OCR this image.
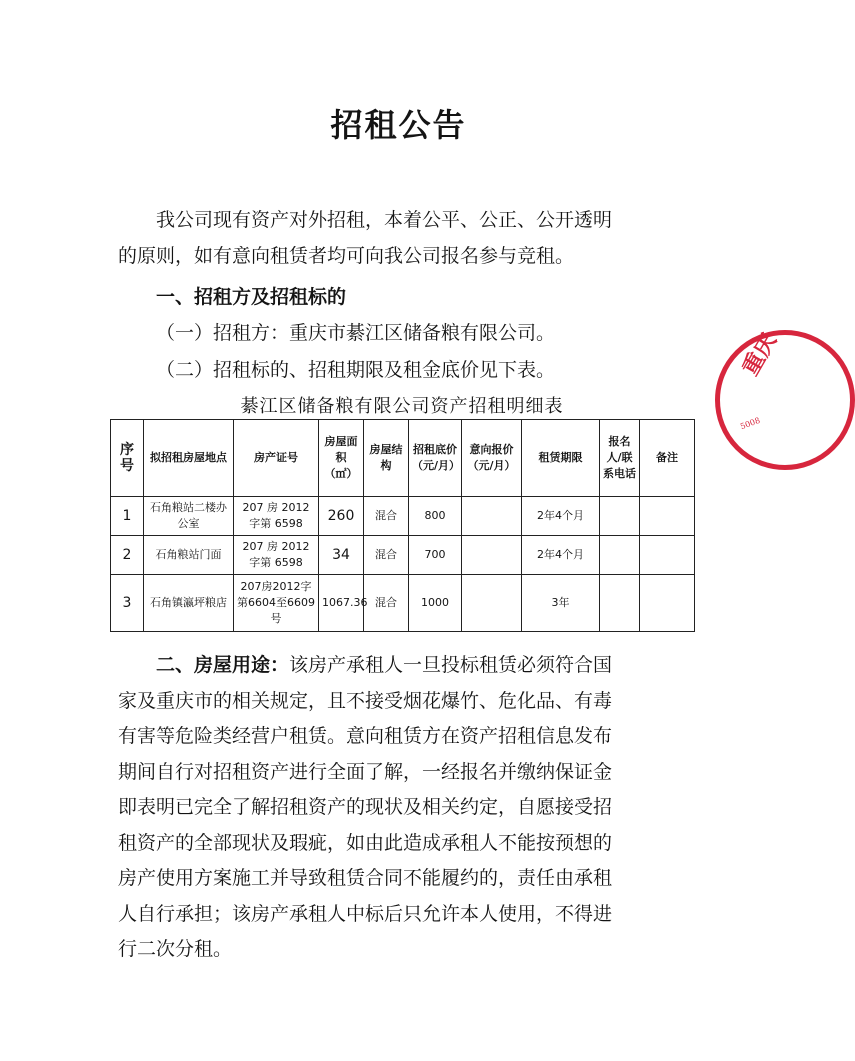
招租公告
我公司现有资产对外招租，本着公平、公正、公开透明
的原则，如有意向租赁者均可向我公司报名参与竞租。
一、招租方及招租标的
（一）招租方：重庆市綦江区储备粮有限公司。
（二）招租标的、招租期限及租金底价见下表。
綦江区储备粮有限公司资产招租明细表
序号	拟招租房屋地点	房产证号	房屋面积（㎡）	房屋结构	招租底价（元/月）	意向报价（元/月）	租赁期限	报名人/联系电话	备注
1	石角粮站二楼办公室	207 房 2012 字第 6598	260	混合	800		2年4个月		
2	石角粮站门面	207 房 2012 字第 6598	34	混合	700		2年4个月		
3	石角镇瀛坪粮店	207房2012字第6604至6609号	1067.36	混合	1000		3年		
二、房屋用途：该房产承租人一旦投标租赁必须符合国
家及重庆市的相关规定，且不接受烟花爆竹、危化品、有毒
有害等危险类经营户租赁。意向租赁方在资产招租信息发布
期间自行对招租资产进行全面了解，一经报名并缴纳保证金
即表明已完全了解招租资产的现状及相关约定，自愿接受招
租资产的全部现状及瑕疵，如由此造成承租人不能按预想的
房产使用方案施工并导致租赁合同不能履约的，责任由承租
人自行承担；该房产承租人中标后只允许本人使用，不得进
行二次分租。
重庆
5008
